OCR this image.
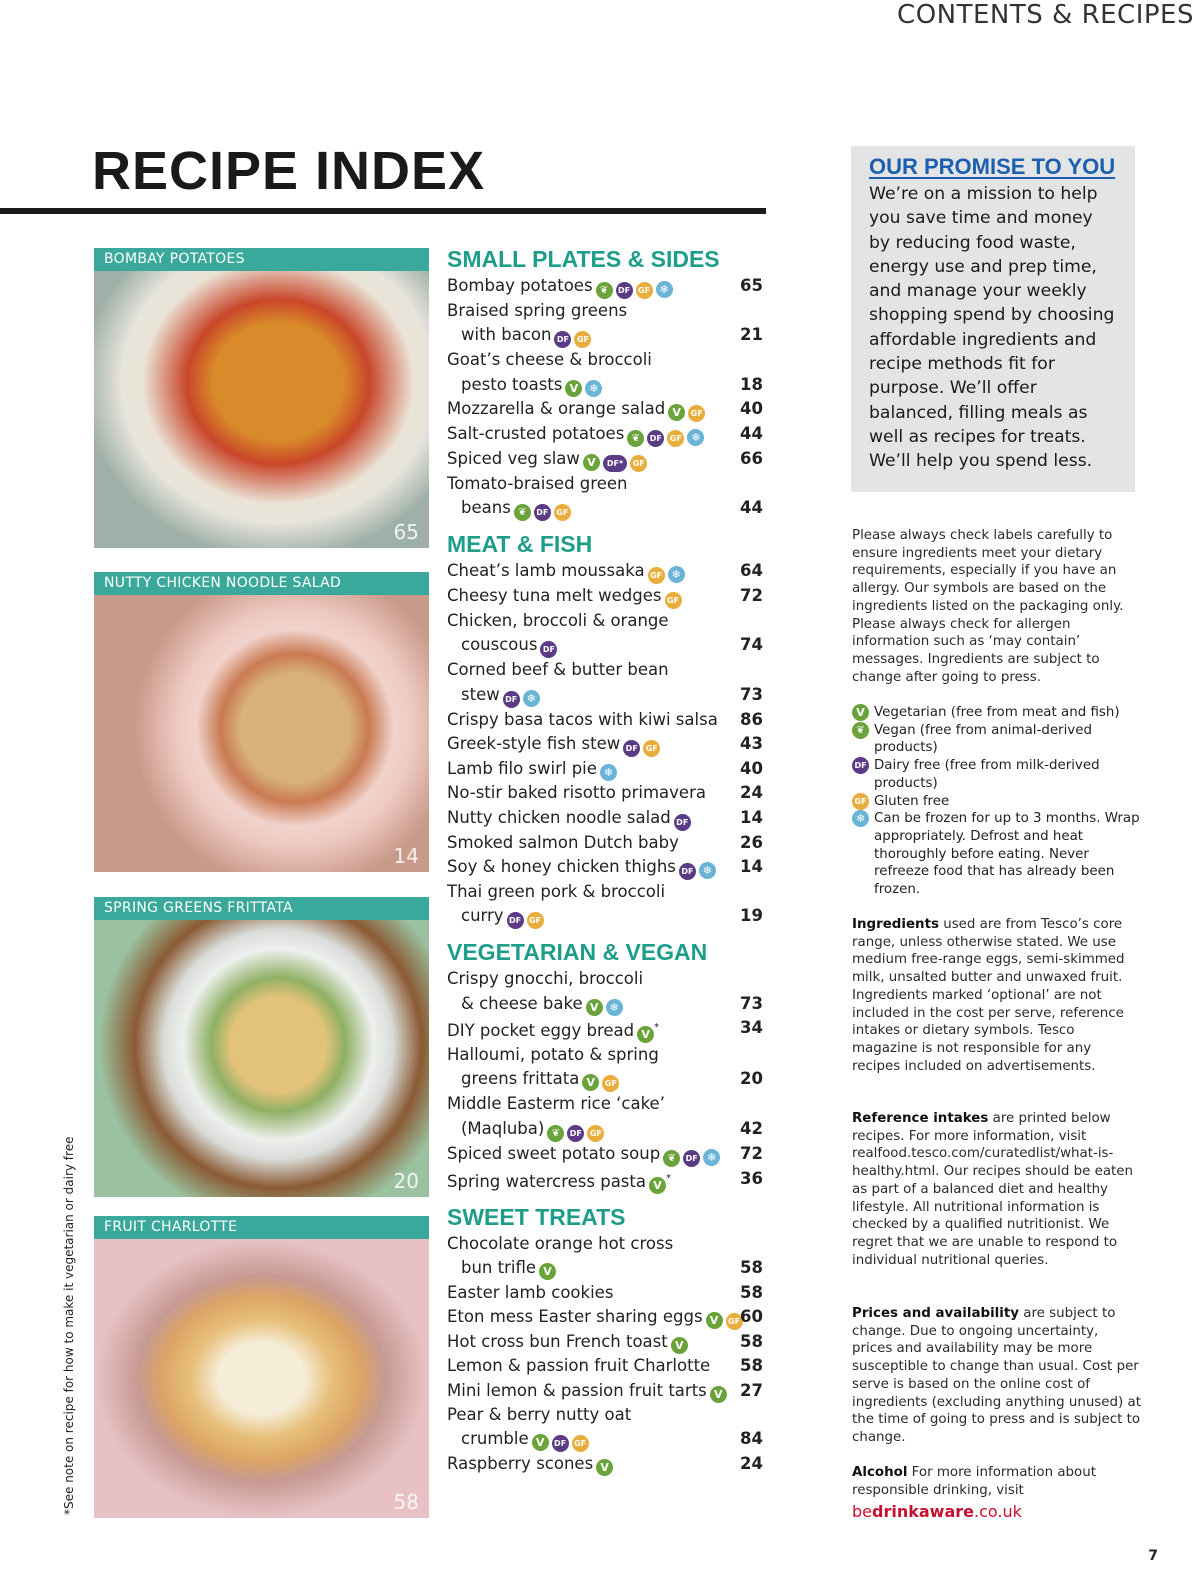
CONTENTS & RECIPES
RECIPE INDEX
BOMBAY POTATOES
65
NUTTY CHICKEN NOODLE SALAD
14
SPRING GREENS FRITTATA
20
FRUIT CHARLOTTE
58
*See note on recipe for how to make it vegetarian or dairy free
SMALL PLATES & SIDES
Bombay potatoes ❦ DF GF ❄	65
Braised spring greens
with bacon DF GF	21
Goat’s cheese & broccoli
pesto toasts V ❄	18
Mozzarella & orange salad V GF 40
Salt-crusted potatoes ❦ DF GF ❄ 44
Spiced veg slaw V DF* GF	66
Tomato-braised green
beans ❦ DF GF	44
MEAT & FISH
Cheat’s lamb moussaka GF ❄	64
Cheesy tuna melt wedges GF	72
Chicken, broccoli & orange
couscous DF	74
Corned beef & butter bean
stew DF ❄	73
Crispy basa tacos with kiwi salsa 86
Greek-style fish stew DF GF	43
Lamb filo swirl pie ❄	40
No-stir baked risotto primavera 24
Nutty chicken noodle salad DF	14
Smoked salmon Dutch baby	26
Soy & honey chicken thighs DF ❄ 14
Thai green pork & broccoli
curry DF GF	19
VEGETARIAN & VEGAN
Crispy gnocchi, broccoli
& cheese bake V ❄	73
DIY pocket eggy bread V*	34
Halloumi, potato & spring
greens frittata V GF	20
Middle Easterm rice ‘cake’
(Maqluba) ❦ DF GF	42
Spiced sweet potato soup ❦ DF ❄ 72
Spring watercress pasta V*	36
SWEET TREATS
Chocolate orange hot cross
bun trifle V	58
Easter lamb cookies	58
Eton mess Easter sharing eggs V GF 60
Hot cross bun French toast V	58
Lemon & passion fruit Charlotte 58
Mini lemon & passion fruit tarts V 27
Pear & berry nutty oat
crumble V DF GF	84
Raspberry scones V	24
OUR PROMISE TO YOU

We’re on a mission to help you save time and money by reducing food waste, energy use and prep time, and manage your weekly shopping spend by choosing affordable ingredients and recipe methods fit for purpose. We’ll offer balanced, filling meals as well as recipes for treats. We’ll help you spend less.

Please always check labels carefully to ensure ingredients meet your dietary requirements, especially if you have an allergy. Our symbols are based on the ingredients listed on the packaging only. Please always check for allergen information such as ‘may contain’ messages. Ingredients are subject to change after going to press.
V Vegetarian (free from meat and fish)
❦ Vegan (free from animal-derived products)
DF Dairy free (free from milk-derived products)
GF Gluten free
❄ Can be frozen for up to 3 months. Wrap appropriately. Defrost and heat thoroughly before eating. Never refreeze food that has already been frozen.
Ingredients used are from Tesco’s core range, unless otherwise stated. We use medium free-range eggs, semi-skimmed milk, unsalted butter and unwaxed fruit. Ingredients marked ‘optional’ are not included in the cost per serve, reference intakes or dietary symbols. Tesco magazine is not responsible for any recipes included on advertisements.
Reference intakes are printed below recipes. For more information, visit realfood.tesco.com/curatedlist/what-is-healthy.html. Our recipes should be eaten as part of a balanced diet and healthy lifestyle. All nutritional information is checked by a qualified nutritionist. We regret that we are unable to respond to individual nutritional queries.
Prices and availability are subject to change. Due to ongoing uncertainty, prices and availability may be more susceptible to change than usual. Cost per serve is based on the online cost of ingredients (excluding anything unused) at the time of going to press and is subject to change.
Alcohol For more information about responsible drinking, visit
bedrinkaware.co.uk
7
